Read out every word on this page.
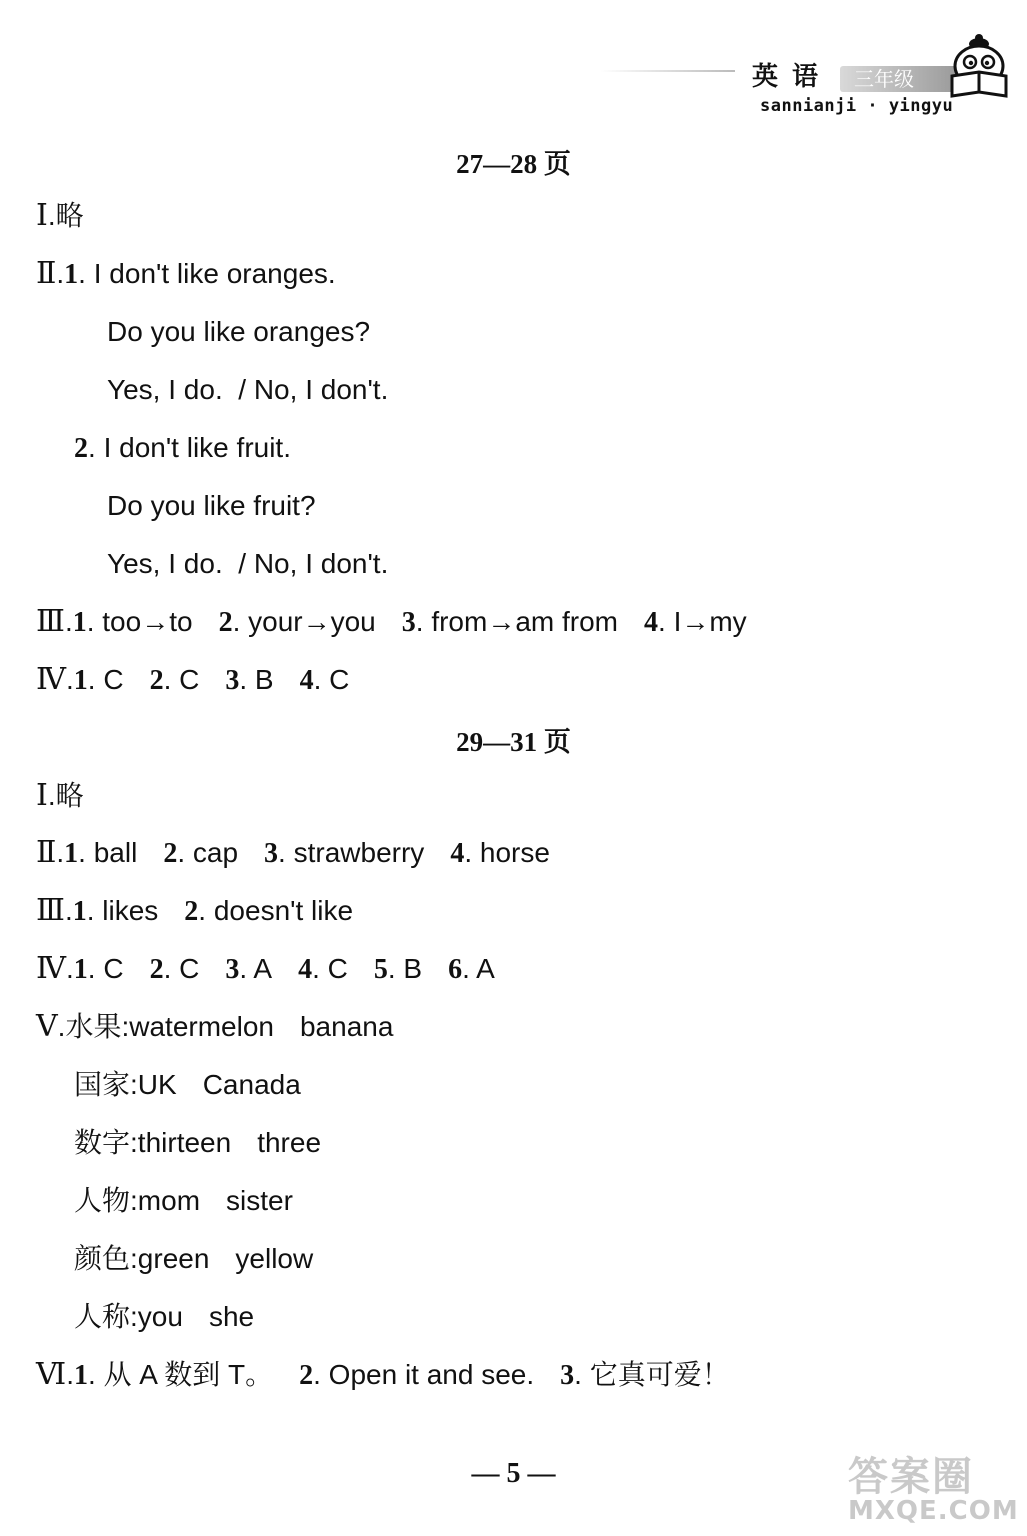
英语	三年级
sannianji · yingyu
27—28 页
Ⅰ.略
Ⅱ.1. I don't like oranges.
Do you like oranges?
Yes, I do.  / No, I don't.
2. I don't like fruit.
Do you like fruit?
Yes, I do.  / No, I don't.
Ⅲ.1. too→to 2. your→you 3. from→am from 4. I→my
Ⅳ.1. C 2. C 3. B 4. C
29—31 页
Ⅰ.略
Ⅱ.1. ball 2. cap 3. strawberry 4. horse
Ⅲ.1. likes 2. doesn't like
Ⅳ.1. C 2. C 3. A 4. C 5. B 6. A
Ⅴ.水果:watermelon banana
国家:UK Canada
数字:thirteen three
人物:mom sister
颜色:green yellow
人称:you she
Ⅵ.1. 从 A 数到 T。 2. Open it and see. 3. 它真可爱！
— 5 —	答案圈
MXQE.COM
